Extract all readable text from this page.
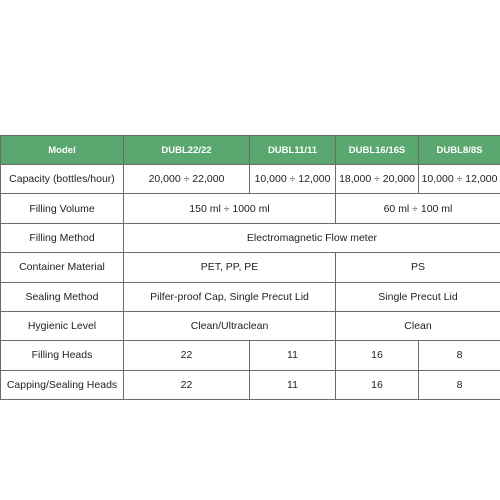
Model	DUBL22/22	DUBL11/11	DUBL16/16S	DUBL8/8S
Capacity (bottles/hour)	20,000 ÷ 22,000	10,000 ÷ 12,000	18,000 ÷ 20,000	10,000 ÷ 12,000
Filling Volume	150 ml ÷ 1000 ml		60 ml ÷ 100 ml	
Filling Method	Electromagnetic Flow meter			
Container Material	PET, PP, PE		PS	
Sealing Method	Pilfer-proof Cap, Single Precut Lid		Single Precut Lid	
Hygienic Level	Clean/Ultraclean		Clean	
Filling Heads	22	11	16	8
Capping/Sealing Heads	22	11	16	8
